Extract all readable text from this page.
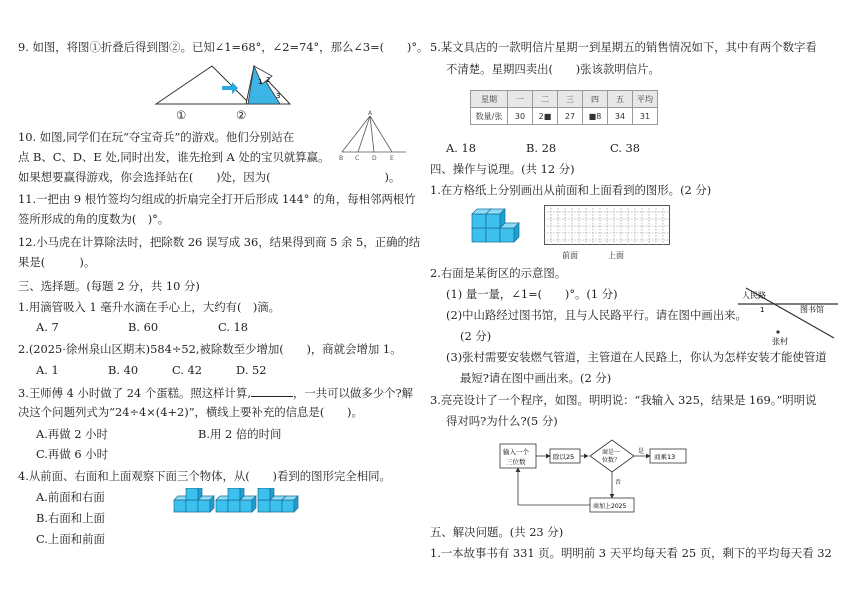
9. 如图，将图①折叠后得到图②。已知∠1=68°，∠2=74°，那么∠3=(　　)°。
1 2
3
①	②
10. 如图,同学们在玩“夺宝奇兵”的游戏。他们分别站在
点 B、C、D、E 处,同时出发，谁先抢到 A 处的宝贝就算赢。
如果想要赢得游戏，你会选择站在(　　)处，因为(　　　　　　　　　　)。
A
B C D E
11.一把由 9 根竹签均匀组成的折扇完全打开后形成 144° 的角，每相邻两根竹
签所形成的角的度数为(　)°。
12.小马虎在计算除法时，把除数 26 误写成 36，结果得到商 5 余 5，正确的结
果是(　　　)。
三、选择题。(每题 2 分，共 10 分)
1.用滴管吸入 1 毫升水滴在手心上，大约有(　)滴。
A. 7	B. 60	C. 18
2.(2025·徐州泉山区期末)584÷52,被除数至少增加(　　)，商就会增加 1。
A. 1	B. 40	C. 42	D. 52
3.王师傅 4 小时做了 24 个蛋糕。照这样计算,	，一共可以做多少个?解
决这个问题列式为“24÷4×(4+2)”，横线上要补充的信息是(　　)。
A.再做 2 小时	B.用 2 倍的时间
C.再做 6 小时
4.从前面、右面和上面观察下面三个物体，从(　　)看到的图形完全相同。
A.前面和右面
B.右面和上面
C.上面和前面
5.某文具店的一款明信片星期一到星期五的销售情况如下，其中有两个数字看
不清楚。星期四卖出(　　)张该款明信片。
星期	一	二	三	四	五	平均
数量/张	30	2■	27	■8	34	31
A. 18	B. 28	C. 38
四、操作与说理。(共 12 分)
1.在方格纸上分别画出从前面和上面看到的图形。(2 分)
前面	上面
2.右面是某街区的示意图。
(1) 量一量，∠1=(　　)°。(1 分)
(2)中山路经过图书馆，且与人民路平行。请在图中画出来。
(2 分)
(3)张村需要安装燃气管道，主管道在人民路上，你认为怎样安装才能使管道
最短?请在图中画出来。(2 分)
人民路
图书馆
张村
1
3.亮亮设计了一个程序，如图。明明说：“我输入 325，结果是 169。”明明说
得对吗?为什么?(5 分)
输入一个
三位数
除以25
商是一
位数？
是
商乘13
否
商加上2025
五、解决问题。(共 23 分)
1.一本故事书有 331 页。明明前 3 天平均每天看 25 页，剩下的平均每天看 32
